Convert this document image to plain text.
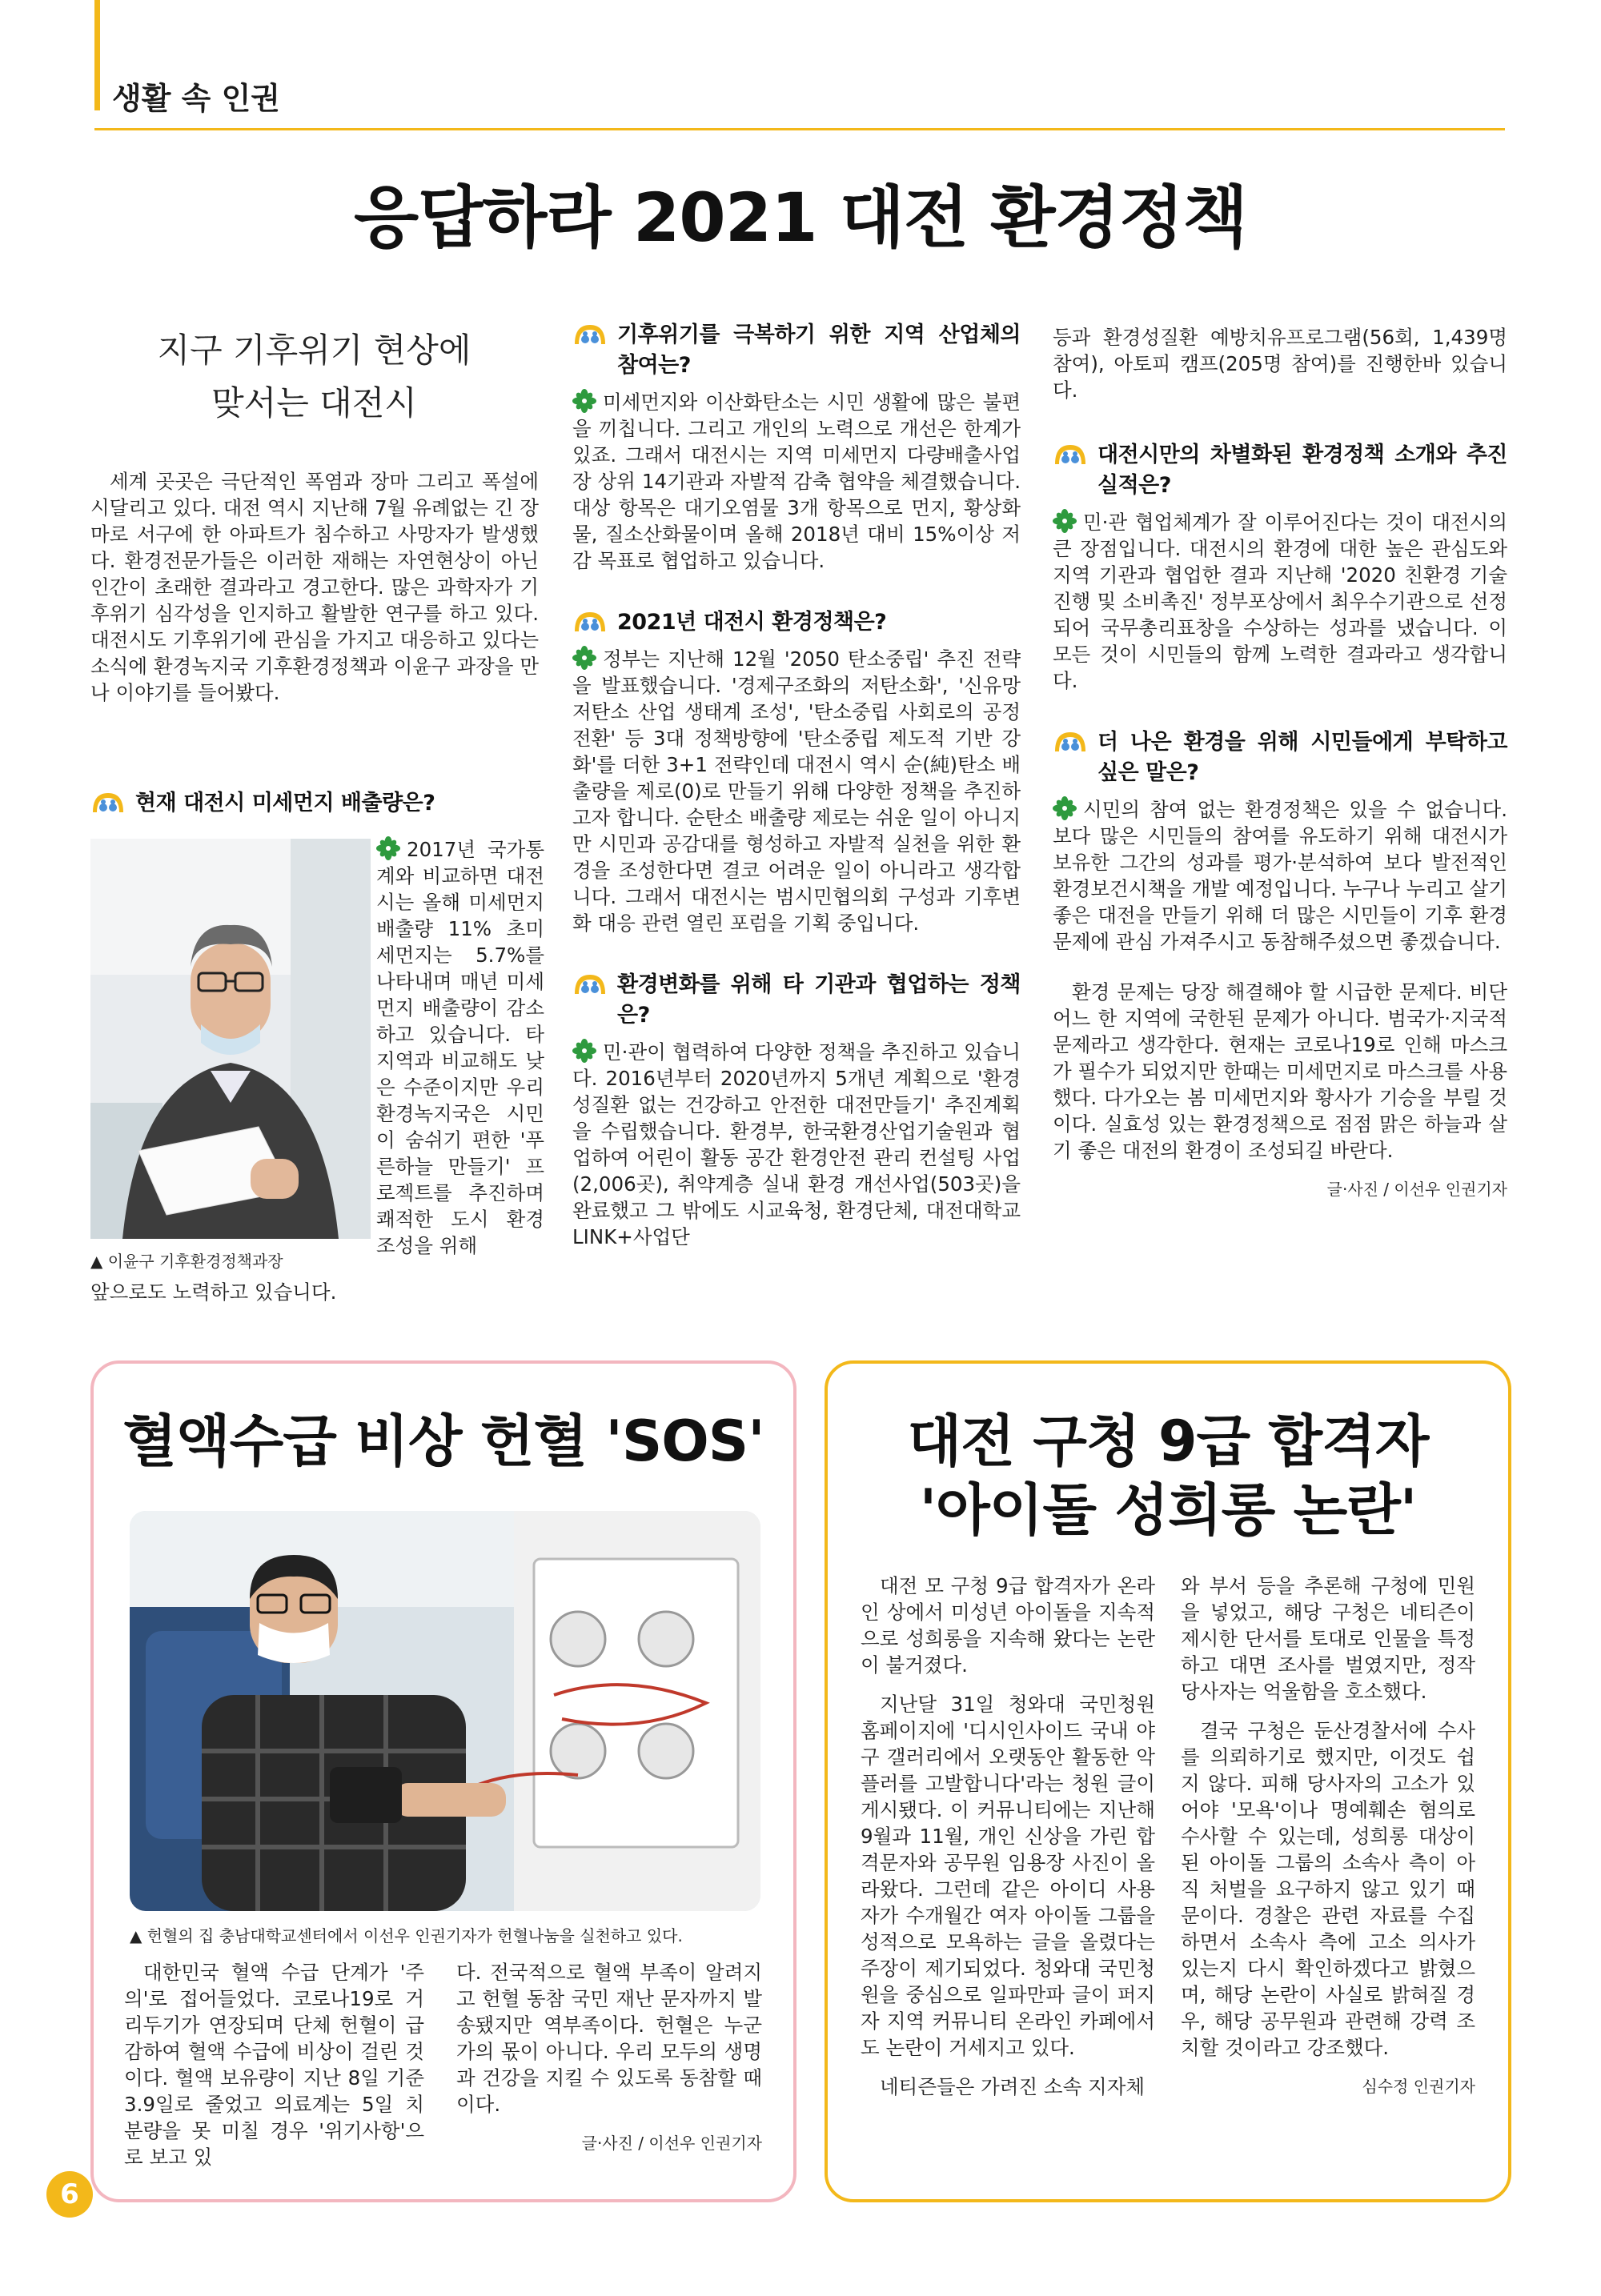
생활 속 인권
응답하라 2021 대전 환경정책
지구 기후위기 현상에
맞서는 대전시

세계 곳곳은 극단적인 폭염과 장마 그리고 폭설에 시달리고 있다. 대전 역시 지난해 7월 유례없는 긴 장마로 서구에 한 아파트가 침수하고 사망자가 발생했다. 환경전문가들은 이러한 재해는 자연현상이 아닌 인간이 초래한 결과라고 경고한다. 많은 과학자가 기후위기 심각성을 인지하고 활발한 연구를 하고 있다. 대전시도 기후위기에 관심을 가지고 대응하고 있다는 소식에 환경녹지국 기후환경정책과 이윤구 과장을 만나 이야기를 들어봤다.

현재 대전시 미세먼지 배출량은?

2017년 국가통계와 비교하면 대전시는 올해 미세먼지 배출량 11% 초미세먼지는 5.7%를 나타내며 매년 미세먼지 배출량이 감소하고 있습니다. 타지역과 비교해도 낮은 수준이지만 우리 환경녹지국은 시민이 숨쉬기 편한 '푸른하늘 만들기' 프로젝트를 추진하며 쾌적한 도시 환경 조성을 위해

▲ 이윤구 기후환경정책과장
앞으로도 노력하고 있습니다.
기후위기를 극복하기 위한 지역 산업체의 참여는?

미세먼지와 이산화탄소는 시민 생활에 많은 불편을 끼칩니다. 그리고 개인의 노력으로 개선은 한계가 있죠. 그래서 대전시는 지역 미세먼지 다량배출사업장 상위 14기관과 자발적 감축 협약을 체결했습니다. 대상 항목은 대기오염물 3개 항목으로 먼지, 황상화물, 질소산화물이며 올해 2018년 대비 15%이상 저감 목표로 협업하고 있습니다.

2021년 대전시 환경정책은?

정부는 지난해 12월 '2050 탄소중립' 추진 전략을 발표했습니다. '경제구조화의 저탄소화', '신유망 저탄소 산업 생태계 조성', '탄소중립 사회로의 공정전환' 등 3대 정책방향에 '탄소중립 제도적 기반 강화'를 더한 3+1 전략인데 대전시 역시 순(純)탄소 배출량을 제로(0)로 만들기 위해 다양한 정책을 추진하고자 합니다. 순탄소 배출량 제로는 쉬운 일이 아니지만 시민과 공감대를 형성하고 자발적 실천을 위한 환경을 조성한다면 결코 어려운 일이 아니라고 생각합니다. 그래서 대전시는 범시민협의회 구성과 기후변화 대응 관련 열린 포럼을 기획 중입니다.

환경변화를 위해 타 기관과 협업하는 정책은?

민·관이 협력하여 다양한 정책을 추진하고 있습니다. 2016년부터 2020년까지 5개년 계획으로 '환경성질환 없는 건강하고 안전한 대전만들기' 추진계획을 수립했습니다. 환경부, 한국환경산업기술원과 협업하여 어린이 활동 공간 환경안전 관리 컨설팅 사업(2,006곳), 취약계층 실내 환경 개선사업(503곳)을 완료했고 그 밖에도 시교육청, 환경단체, 대전대학교 LINK+사업단

등과 환경성질환 예방치유프로그램(56회, 1,439명 참여), 아토피 캠프(205명 참여)를 진행한바 있습니다.

대전시만의 차별화된 환경정책 소개와 추진실적은?

민·관 협업체계가 잘 이루어진다는 것이 대전시의 큰 장점입니다. 대전시의 환경에 대한 높은 관심도와 지역 기관과 협업한 결과 지난해 '2020 친환경 기술진행 및 소비촉진' 정부포상에서 최우수기관으로 선정되어 국무총리표창을 수상하는 성과를 냈습니다. 이 모든 것이 시민들의 함께 노력한 결과라고 생각합니다.

더 나은 환경을 위해 시민들에게 부탁하고 싶은 말은?

시민의 참여 없는 환경정책은 있을 수 없습니다. 보다 많은 시민들의 참여를 유도하기 위해 대전시가 보유한 그간의 성과를 평가·분석하여 보다 발전적인 환경보건시책을 개발 예정입니다. 누구나 누리고 살기 좋은 대전을 만들기 위해 더 많은 시민들이 기후 환경 문제에 관심 가져주시고 동참해주셨으면 좋겠습니다.

환경 문제는 당장 해결해야 할 시급한 문제다. 비단 어느 한 지역에 국한된 문제가 아니다. 범국가·지국적 문제라고 생각한다. 현재는 코로나19로 인해 마스크가 필수가 되었지만 한때는 미세먼지로 마스크를 사용했다. 다가오는 봄 미세먼지와 황사가 기승을 부릴 것이다. 실효성 있는 환경정책으로 점점 맑은 하늘과 살기 좋은 대전의 환경이 조성되길 바란다.

글·사진 / 이선우 인권기자
혈액수급 비상 헌혈 'SOS'
▲ 헌혈의 집 충남대학교센터에서 이선우 인권기자가 헌혈나눔을 실천하고 있다.

대한민국 혈액 수급 단계가 '주의'로 접어들었다. 코로나19로 거리두기가 연장되며 단체 헌혈이 급감하여 혈액 수급에 비상이 걸린 것이다. 혈액 보유량이 지난 8일 기준 3.9일로 줄었고 의료계는 5일 치 분량을 못 미칠 경우 '위기사항'으로 보고 있

다. 전국적으로 혈액 부족이 알려지고 헌혈 동참 국민 재난 문자까지 발송됐지만 역부족이다. 헌혈은 누군가의 몫이 아니다. 우리 모두의 생명과 건강을 지킬 수 있도록 동참할 때이다.

글·사진 / 이선우 인권기자
대전 구청 9급 합격자
'아이돌 성희롱 논란'

대전 모 구청 9급 합격자가 온라인 상에서 미성년 아이돌을 지속적으로 성희롱을 지속해 왔다는 논란이 불거졌다.

지난달 31일 청와대 국민청원 홈페이지에 '디시인사이드 국내 야구 갤러리에서 오랫동안 활동한 악플러를 고발합니다'라는 청원 글이 게시됐다. 이 커뮤니티에는 지난해 9월과 11월, 개인 신상을 가린 합격문자와 공무원 임용장 사진이 올라왔다. 그런데 같은 아이디 사용자가 수개월간 여자 아이돌 그룹을 성적으로 모욕하는 글을 올렸다는 주장이 제기되었다. 청와대 국민청원을 중심으로 일파만파 글이 퍼지자 지역 커뮤니티 온라인 카페에서도 논란이 거세지고 있다.

네티즌들은 가려진 소속 지자체

와 부서 등을 추론해 구청에 민원을 넣었고, 해당 구청은 네티즌이 제시한 단서를 토대로 인물을 특정하고 대면 조사를 벌였지만, 정작 당사자는 억울함을 호소했다.

결국 구청은 둔산경찰서에 수사를 의뢰하기로 했지만, 이것도 쉽지 않다. 피해 당사자의 고소가 있어야 '모욕'이나 명예훼손 혐의로 수사할 수 있는데, 성희롱 대상이 된 아이돌 그룹의 소속사 측이 아직 처벌을 요구하지 않고 있기 때문이다. 경찰은 관련 자료를 수집하면서 소속사 측에 고소 의사가 있는지 다시 확인하겠다고 밝혔으며, 해당 논란이 사실로 밝혀질 경우, 해당 공무원과 관련해 강력 조치할 것이라고 강조했다.

심수정 인권기자
6
